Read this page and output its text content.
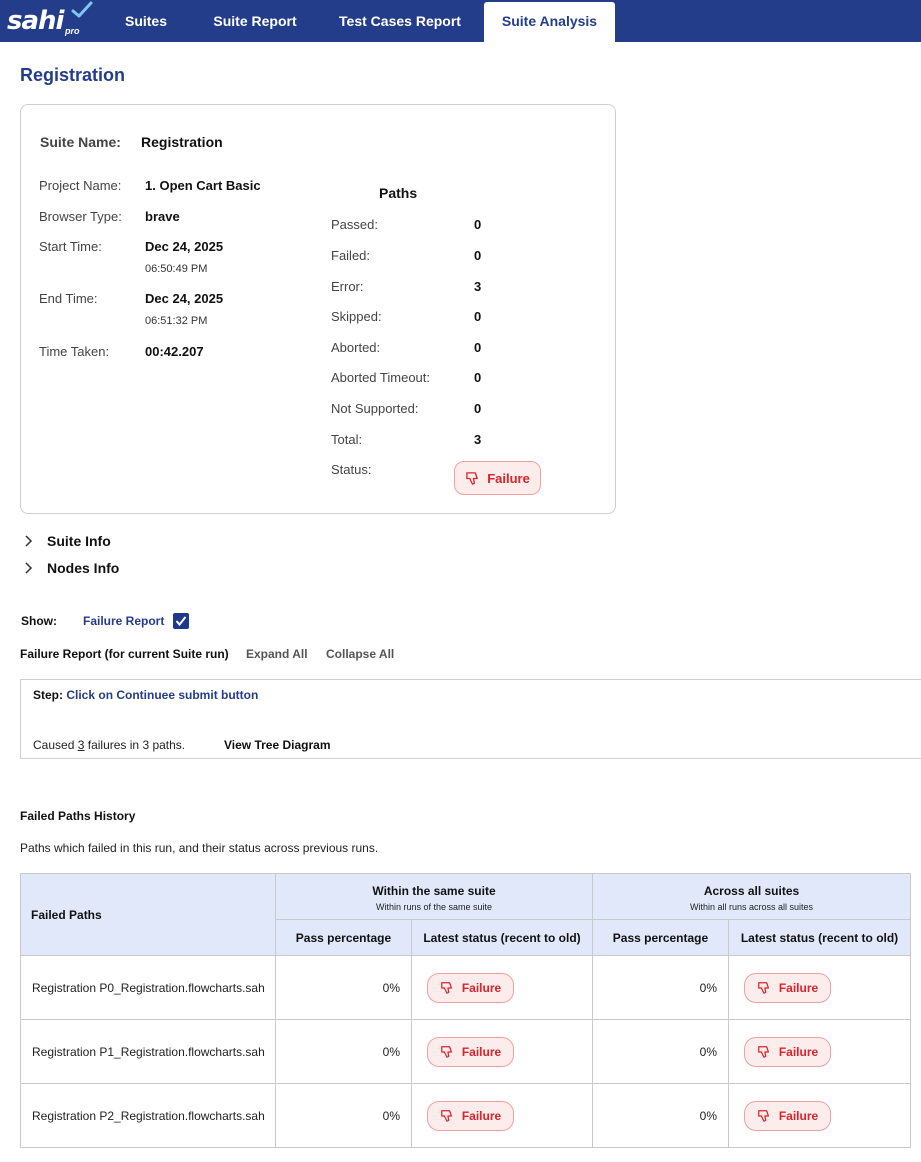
sahi pro
Suites	Suite Report	Test Cases Report	Suite Analysis
Registration
Suite Name: Registration
Project Name: 1. Open Cart Basic
Browser Type: brave
Start Time:	Dec 24, 2025
06:50:49 PM
End Time:	Dec 24, 2025
06:51:32 PM
Time Taken:	00:42.207
Paths
Passed:	0
Failed:	0
Error:	3
Skipped:	0
Aborted:	0
Aborted Timeout:	0
Not Supported:	0
Total:	3
Status:
Failure
Suite Info
Nodes Info
Show: Failure Report
Failure Report (for current Suite run) Expand All Collapse All
Step: Click on Continuee submit button
Caused 3 failures in 3 paths.	View Tree Diagram
Failed Paths History
Paths which failed in this run, and their status across previous runs.
Failed Paths	Within the same suite
Within runs of the same suite		Across all suites
Within all runs across all suites	

	Pass percentage	Latest status (recent to old)	Pass percentage	Latest status (recent to old)
Registration P0_Registration.flowcharts.sah	0%	Failure	0%	Failure

Registration P1_Registration.flowcharts.sah	0%	Failure	0%	Failure

Registration P2_Registration.flowcharts.sah	0%	Failure	0%	Failure
